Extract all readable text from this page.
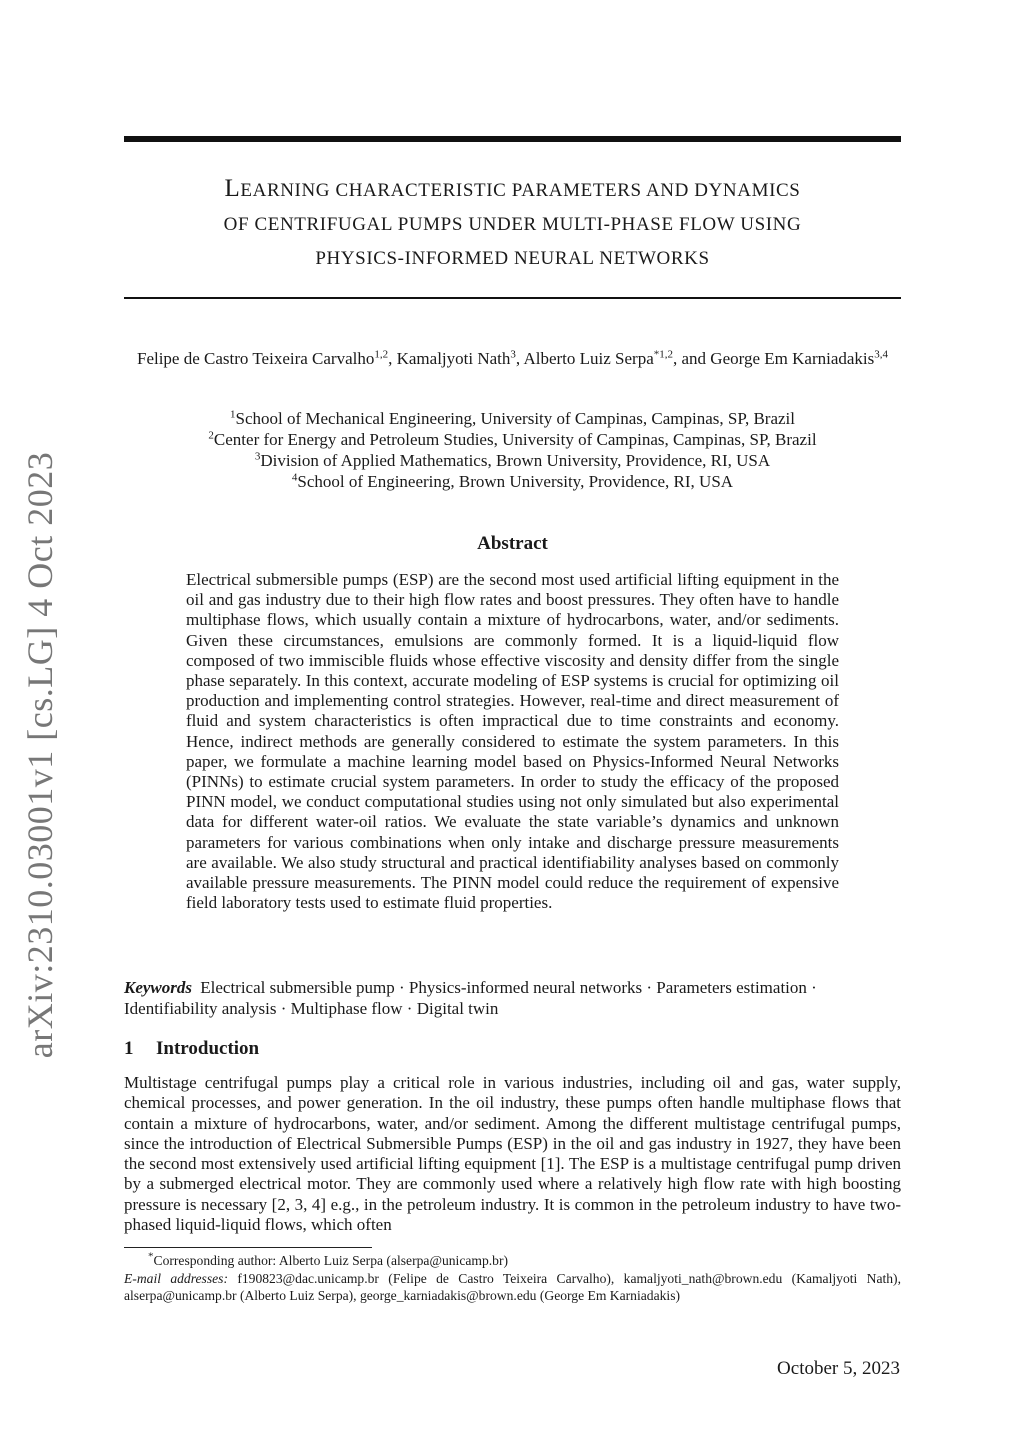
arXiv:2310.03001v1 [cs.LG] 4 Oct 2023
LEARNING CHARACTERISTIC PARAMETERS AND DYNAMICS
OF CENTRIFUGAL PUMPS UNDER MULTI-PHASE FLOW USING
PHYSICS-INFORMED NEURAL NETWORKS
Felipe de Castro Teixeira Carvalho$^{1,2}$, Kamaljyoti Nath$^3$, Alberto Luiz Serpa$^{*1,2}$, and George Em Karniadakis$^{3,4}$
$^1$School of Mechanical Engineering, University of Campinas, Campinas, SP, Brazil
$^2$Center for Energy and Petroleum Studies, University of Campinas, Campinas, SP, Brazil
$^3$Division of Applied Mathematics, Brown University, Providence, RI, USA
$^4$School of Engineering, Brown University, Providence, RI, USA
Abstract
Electrical submersible pumps (ESP) are the second most used artificial lifting equipment in the oil and gas industry due to their high flow rates and boost pressures. They often have to handle multiphase flows, which usually contain a mixture of hydrocarbons, water, and/or sediments. Given these circumstances, emulsions are commonly formed. It is a liquid-liquid flow composed of two immiscible fluids whose effective viscosity and density differ from the single phase separately. In this context, accurate modeling of ESP systems is crucial for optimizing oil production and implementing control strategies. However, real-time and direct measurement of fluid and system characteristics is often impractical due to time constraints and economy. Hence, indirect methods are generally considered to estimate the system parameters. In this paper, we formulate a machine learning model based on Physics-Informed Neural Networks (PINNs) to estimate crucial system parameters. In order to study the efficacy of the proposed PINN model, we conduct computational studies using not only simulated but also experimental data for different water-oil ratios. We evaluate the state variable’s dynamics and unknown parameters for various combinations when only intake and discharge pressure measurements are available. We also study structural and practical identifiability analyses based on commonly available pressure measurements. The PINN model could reduce the requirement of expensive field laboratory tests used to estimate fluid properties.
Keywords Electrical submersible pump · Physics-informed neural networks · Parameters estimation · Identifiability analysis · Multiphase flow · Digital twin
1 Introduction
Multistage centrifugal pumps play a critical role in various industries, including oil and gas, water supply, chemical processes, and power generation. In the oil industry, these pumps often handle multiphase flows that contain a mixture of hydrocarbons, water, and/or sediment. Among the different multistage centrifugal pumps, since the introduction of Electrical Submersible Pumps (ESP) in the oil and gas industry in 1927, they have been the second most extensively used artificial lifting equipment [1]. The ESP is a multistage centrifugal pump driven by a submerged electrical motor. They are commonly used where a relatively high flow rate with high boosting pressure is necessary [2, 3, 4] e.g., in the petroleum industry. It is common in the petroleum industry to have two-phased liquid-liquid flows, which often
*Corresponding author: Alberto Luiz Serpa (alserpa@unicamp.br)
E-mail addresses: f190823@dac.unicamp.br (Felipe de Castro Teixeira Carvalho), kamaljyoti_nath@brown.edu (Kamaljyoti Nath), alserpa@unicamp.br (Alberto Luiz Serpa), george_karniadakis@brown.edu (George Em Karniadakis)
October 5, 2023
